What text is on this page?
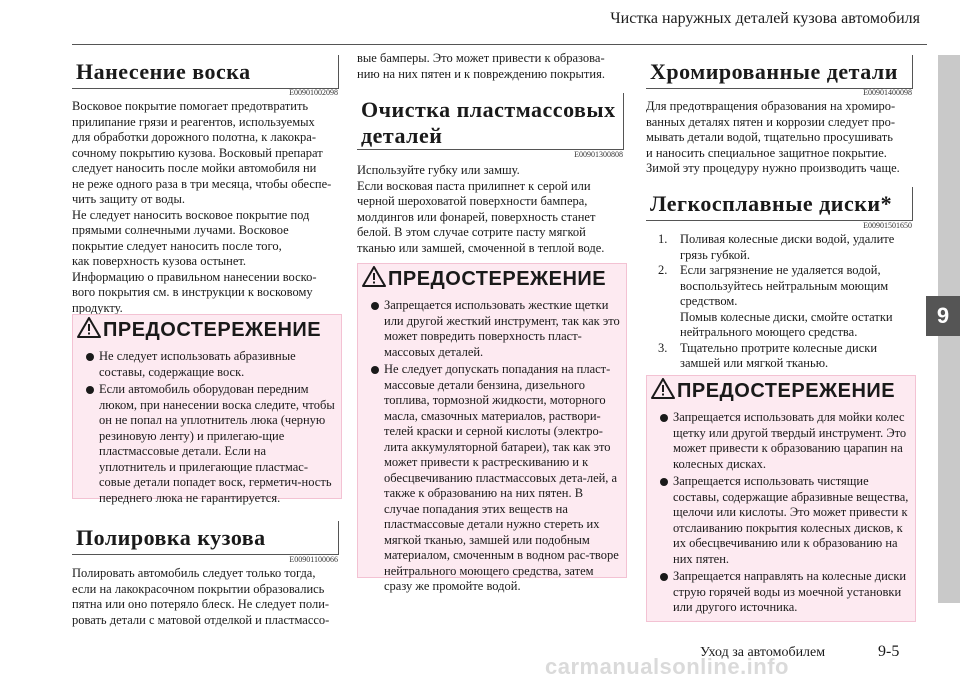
Чистка наружных деталей кузова автомобиля
9
Нанесение воска
E00901002098

Восковое покрытие помогает предотвратить

прилипание грязи и реагентов, используемых

для обработки дорожного полотна, к лакокра-

сочному покрытию кузова. Восковый препарат

следует наносить после мойки автомобиля ни

не реже одного раза в три месяца, чтобы обеспе-

чить защиту от воды.

Не следует наносить восковое покрытие под

прямыми солнечными лучами. Восковое

покрытие следует наносить после того,

как поверхность кузова остынет.

Информацию о правильном нанесении воско-

вого покрытия см. в инструкции к восковому

продукту.

ПРЕДОСТЕРЕЖЕНИЕ
Не следует использовать абразивные составы, содержащие воск.
Если автомобиль оборудован передним люком, при нанесении воска следите, чтобы он не попал на уплотнитель люка (черную резиновую ленту) и прилегаю-щие пластмассовые детали. Если на уплотнитель и прилегающие пластмас-совые детали попадет воск, герметич-ность переднего люка не гарантируется.
Полировка кузова
E00901100066

Полировать автомобиль следует только тогда,

если на лакокрасочном покрытии образовались

пятна или оно потеряло блеск. Не следует поли-

ровать детали с матовой отделкой и пластмассо-

вые бамперы. Это может привести к образова-

нию на них пятен и к повреждению покрытия.

Очистка пластмассовых
деталей
E00901300808

Используйте губку или замшу.

Если восковая паста прилипнет к серой или

черной шероховатой поверхности бампера,

молдингов или фонарей, поверхность станет

белой. В этом случае сотрите пасту мягкой

тканью или замшей, смоченной в теплой воде.

ПРЕДОСТЕРЕЖЕНИЕ
Запрещается использовать жесткие щетки или другой жесткий инструмент, так как это может повредить поверхность пласт-массовых деталей.
Не следует допускать попадания на пласт-массовые детали бензина, дизельного топлива, тормозной жидкости, моторного масла, смазочных материалов, раствори-телей краски и серной кислоты (электро-лита аккумуляторной батареи), так как это может привести к растрескиванию и к обесцвечиванию пластмассовых дета-лей, а также к образованию на них пятен. В случае попадания этих веществ на пластмассовые детали нужно стереть их мягкой тканью, замшей или подобным материалом, смоченным в водном рас-творе нейтрального моющего средства, затем сразу же промойте водой.
Хромированные детали
E00901400098

Для предотвращения образования на хромиро-

ванных деталях пятен и коррозии следует про-

мывать детали водой, тщательно просушивать

и наносить специальное защитное покрытие.

Зимой эту процедуру нужно производить чаще.

Легкосплавные диски*
E00901501650
1. Поливая колесные диски водой, удалите
грязь губкой.
2. Если загрязнение не удаляется водой,
воспользуйтесь нейтральным моющим
средством.
Помыв колесные диски, смойте остатки
нейтрального моющего средства.
3. Тщательно протрите колесные диски
замшей или мягкой тканью.
ПРЕДОСТЕРЕЖЕНИЕ
Запрещается использовать для мойки колес щетку или другой твердый инструмент. Это может привести к образованию царапин на колесных дисках.
Запрещается использовать чистящие составы, содержащие абразивные вещества, щелочи или кислоты. Это может привести к отслаиванию покрытия колесных дисков, к их обесцвечиванию или к образованию на них пятен.
Запрещается направлять на колесные диски струю горячей воды из моечной установки или другого источника.
carmanualsonline.info
Уход за автомобилем	9-5
